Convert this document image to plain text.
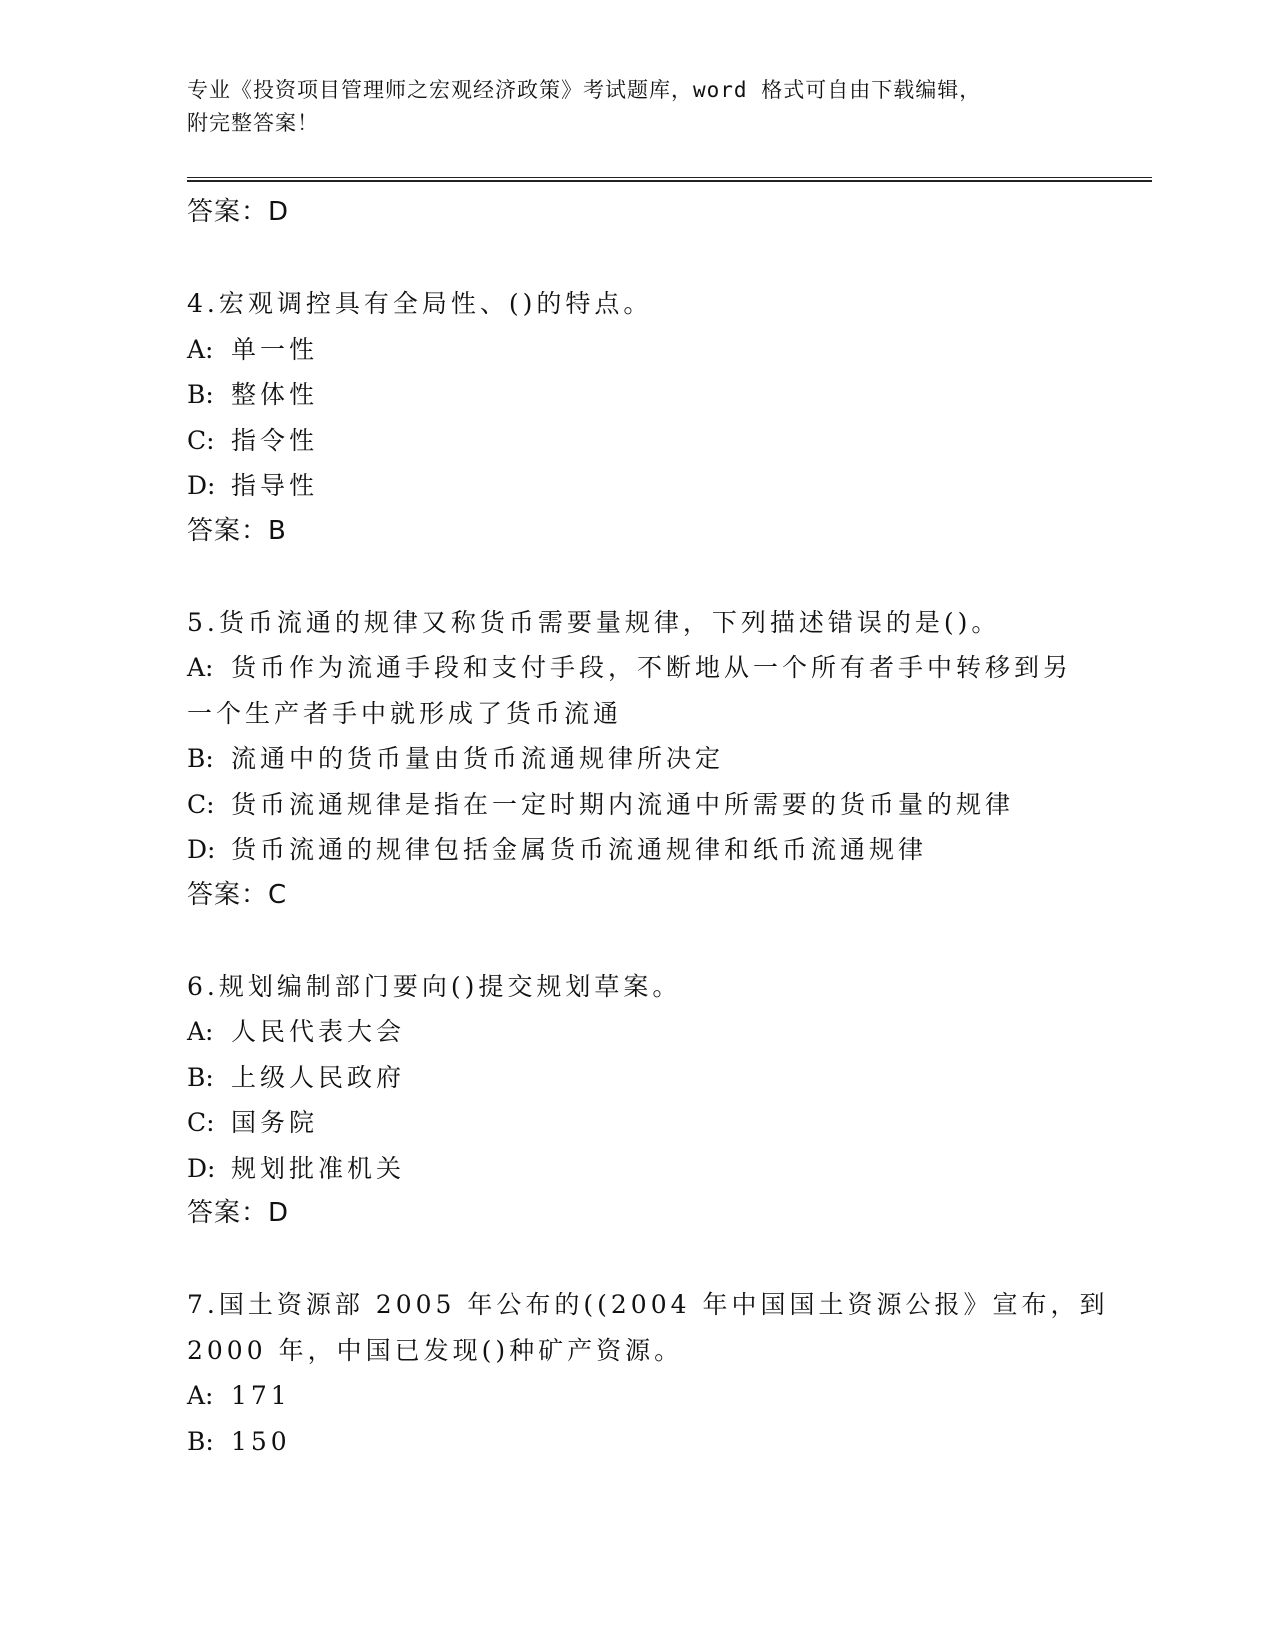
专业《投资项目管理师之宏观经济政策》考试题库，word 格式可自由下载编辑，
附完整答案！
答案：D
4.宏观调控具有全局性、()的特点。
A: 单一性
B: 整体性
C: 指令性
D: 指导性
答案：B
5.货币流通的规律又称货币需要量规律，下列描述错误的是()。
A: 货币作为流通手段和支付手段，不断地从一个所有者手中转移到另
一个生产者手中就形成了货币流通
B: 流通中的货币量由货币流通规律所决定
C: 货币流通规律是指在一定时期内流通中所需要的货币量的规律
D: 货币流通的规律包括金属货币流通规律和纸币流通规律
答案：C
6.规划编制部门要向()提交规划草案。
A: 人民代表大会
B: 上级人民政府
C: 国务院
D: 规划批准机关
答案：D
7.国土资源部 2005 年公布的((2004 年中国国土资源公报》宣布，到
2000 年，中国已发现()种矿产资源。
A: 171
B: 150
